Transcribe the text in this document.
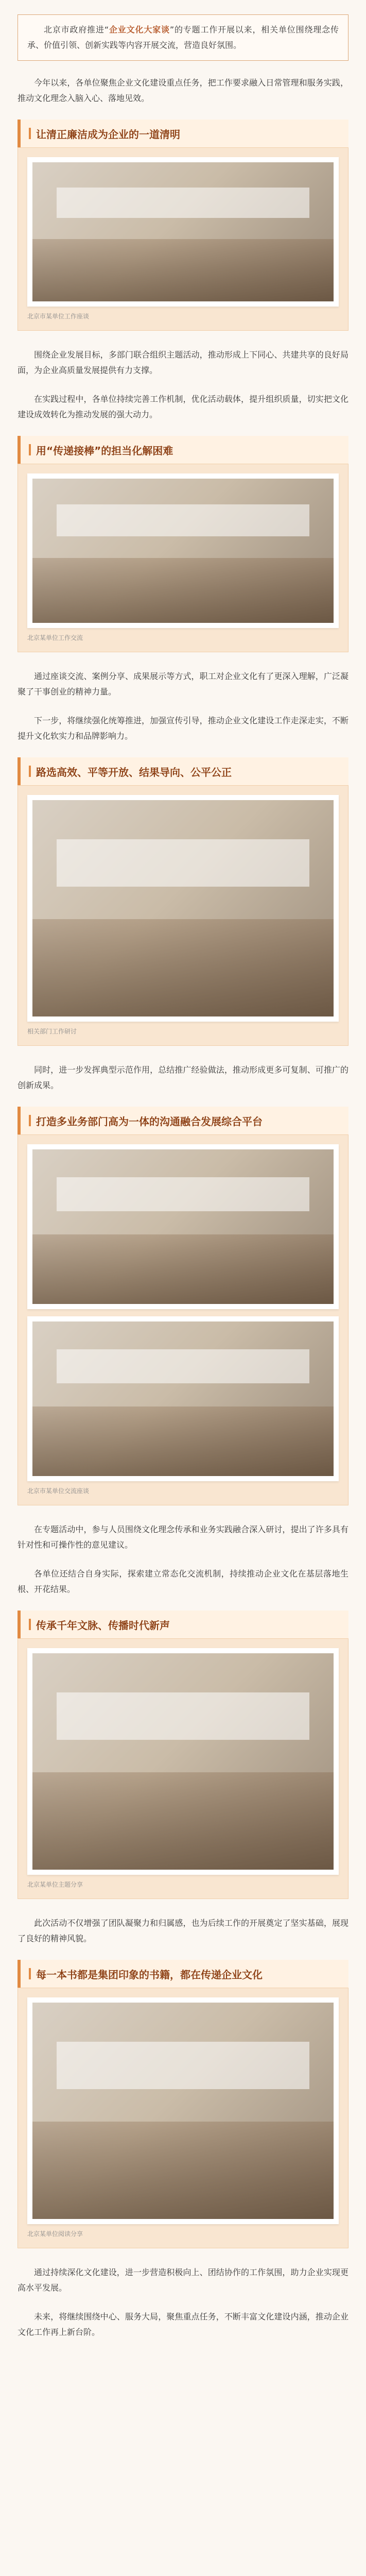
北京市政府推进“企业文化大家谈”的专题工作开展以来，相关单位围绕理念传承、价值引领、创新实践等内容开展交流，营造良好氛围。

今年以来，各单位聚焦企业文化建设重点任务，把工作要求融入日常管理和服务实践，推动文化理念入脑入心、落地见效。

让清正廉洁成为企业的一道清明
北京市某单位工作座谈

围绕企业发展目标，多部门联合组织主题活动，推动形成上下同心、共建共享的良好局面，为企业高质量发展提供有力支撑。

在实践过程中，各单位持续完善工作机制，优化活动载体，提升组织质量，切实把文化建设成效转化为推动发展的强大动力。

用“传递接棒”的担当化解困难
北京某单位工作交流

通过座谈交流、案例分享、成果展示等方式，职工对企业文化有了更深入理解，广泛凝聚了干事创业的精神力量。

下一步，将继续强化统筹推进，加强宣传引导，推动企业文化建设工作走深走实，不断提升文化软实力和品牌影响力。

路选高效、平等开放、结果导向、公平公正
相关部门工作研讨

同时，进一步发挥典型示范作用，总结推广经验做法，推动形成更多可复制、可推广的创新成果。

打造多业务部门高为一体的沟通融合发展综合平台
北京市某单位交流座谈

在专题活动中，参与人员围绕文化理念传承和业务实践融合深入研讨，提出了许多具有针对性和可操作性的意见建议。

各单位还结合自身实际，探索建立常态化交流机制，持续推动企业文化在基层落地生根、开花结果。

传承千年文脉、传播时代新声
北京某单位主题分享

此次活动不仅增强了团队凝聚力和归属感，也为后续工作的开展奠定了坚实基础，展现了良好的精神风貌。

每一本书都是集团印象的书籍，都在传递企业文化
北京某单位阅读分享

通过持续深化文化建设，进一步营造积极向上、团结协作的工作氛围，助力企业实现更高水平发展。

未来，将继续围绕中心、服务大局，聚焦重点任务，不断丰富文化建设内涵，推动企业文化工作再上新台阶。
